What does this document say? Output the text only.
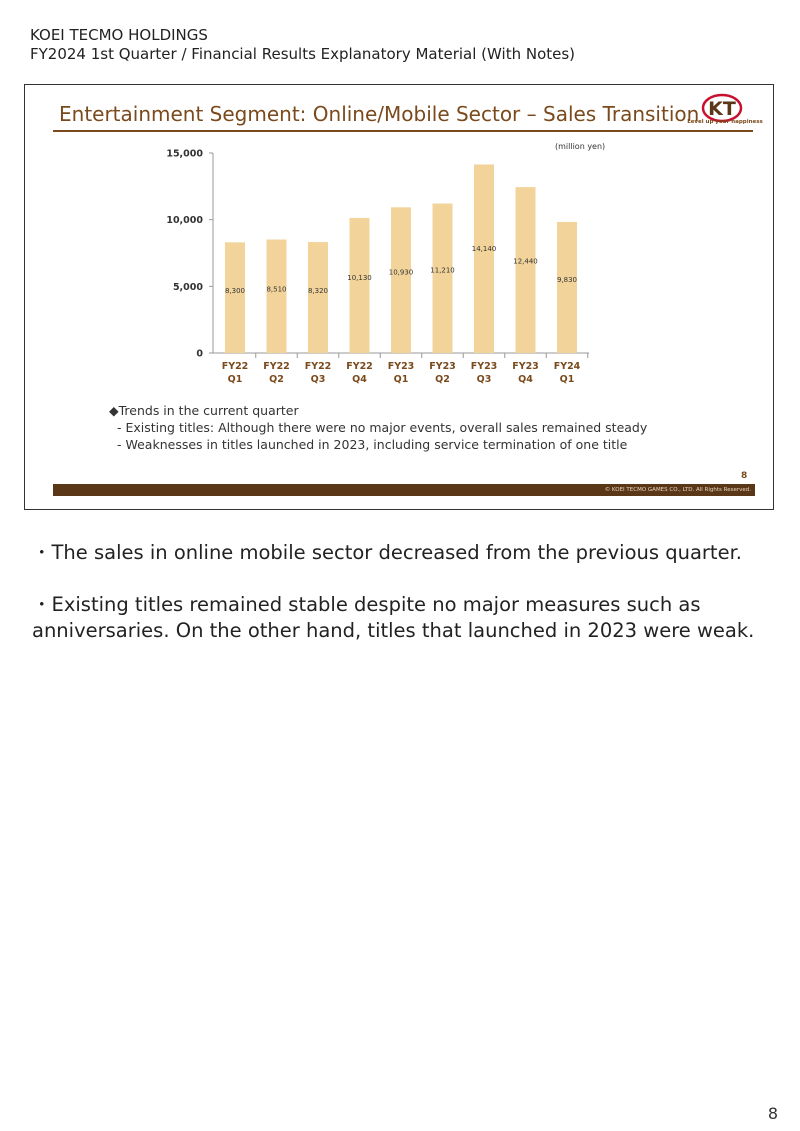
KOEI TECMO HOLDINGS
FY2024 1st Quarter / Financial Results Explanatory Material (With Notes)
Entertainment Segment: Online/Mobile Sector – Sales Transition KT
Level up your happiness
0
5,000
10,000
15,000
8,300	8,510	8,320
10,130
10,930 11,210
14,140
12,440
9,830
FY22
Q1
FY22
Q2
FY22
Q3
FY22
Q4
FY23
Q1
FY23
Q2
FY23
Q3
FY23
Q4
FY24
Q1
(million yen)
◆Trends in the current quarter
- Existing titles: Although there were no major events, overall sales remained steady
- Weaknesses in titles launched in 2023, including service termination of one title
8
© KOEI TECMO GAMES CO., LTD. All Rights Reserved.

・The sales in online mobile sector decreased from the previous quarter.

・Existing titles remained stable despite no major measures such as anniversaries. On the other hand, titles that launched in 2023 were weak.

8
